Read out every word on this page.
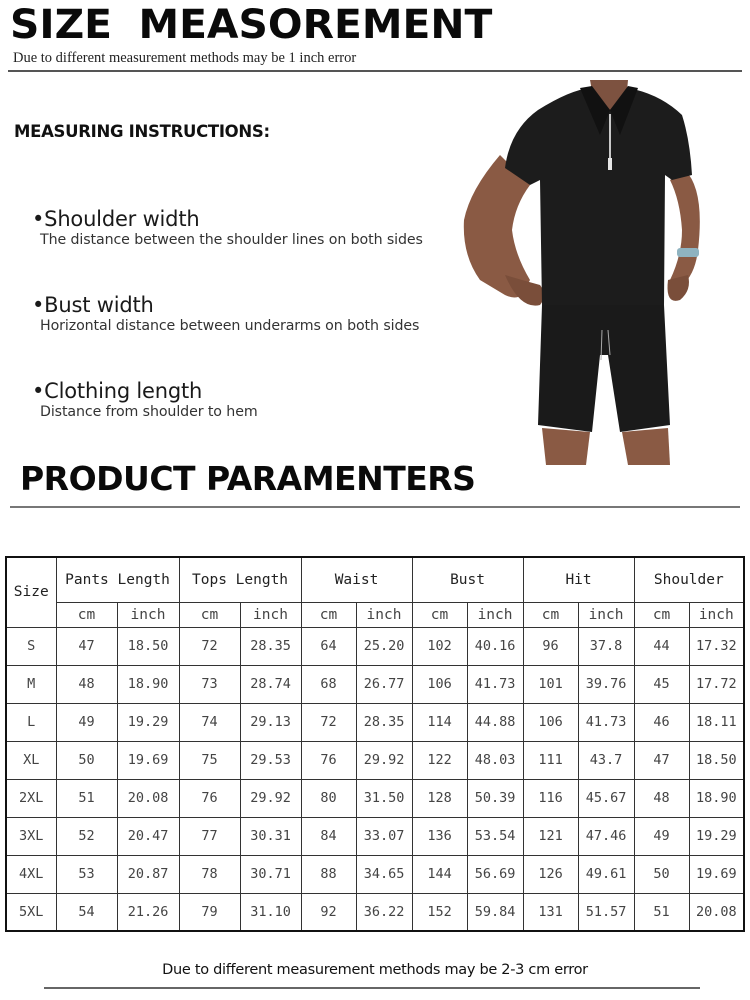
SIZE MEASOREMENT
Due to different measurement methods may be 1 inch error
MEASURING INSTRUCTIONS:
•Shoulder width
The distance between the shoulder lines on both sides
•Bust width
Horizontal distance between underarms on both sides
•Clothing length
Distance from shoulder to hem
PRODUCT PARAMENTERS
Size	Pants Length		Tops Length		Waist		Bust		Hit		Shoulder	
	cm	inch	cm	inch	cm	inch	cm	inch	cm	inch	cm	inch
S	47	18.50	72	28.35	64	25.20	102	40.16	96	37.8	44	17.32
M	48	18.90	73	28.74	68	26.77	106	41.73	101	39.76	45	17.72
L	49	19.29	74	29.13	72	28.35	114	44.88	106	41.73	46	18.11
XL	50	19.69	75	29.53	76	29.92	122	48.03	111	43.7	47	18.50
2XL	51	20.08	76	29.92	80	31.50	128	50.39	116	45.67	48	18.90
3XL	52	20.47	77	30.31	84	33.07	136	53.54	121	47.46	49	19.29
4XL	53	20.87	78	30.71	88	34.65	144	56.69	126	49.61	50	19.69
5XL	54	21.26	79	31.10	92	36.22	152	59.84	131	51.57	51	20.08
Due to different measurement methods may be 2-3 cm error
